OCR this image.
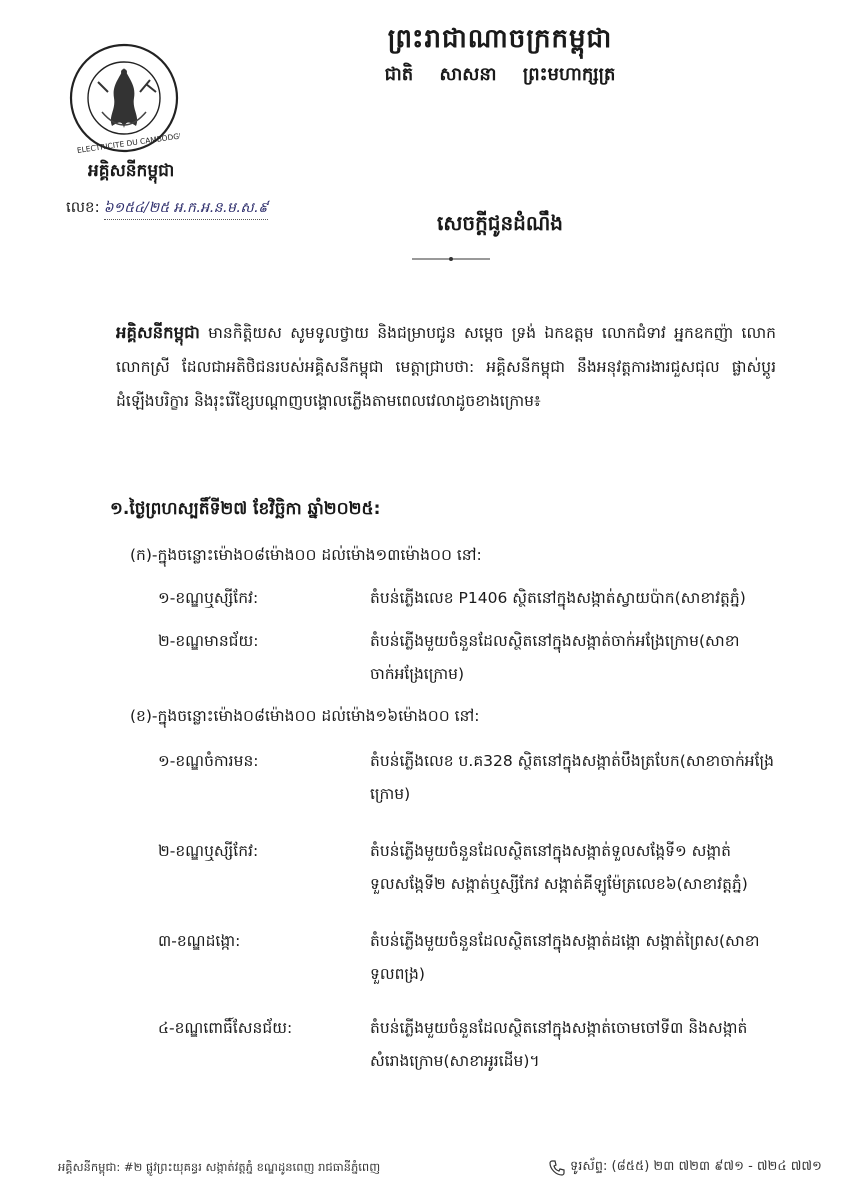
ELECTRICITE DU CAMBODGE
ព្រះរាជាណាចក្រកម្ពុជា
ជាតិ សាសនា ព្រះមហាក្សត្រ
អគ្គិសនីកម្ពុជា
លេខ: ៦១៥៤/២៥ អ.ក.អ.ន.ម.ស.៩
សេចក្ដីជូនដំណឹង
អគ្គិសនីកម្ពុជា មានកិត្តិយស សូមទូលថ្វាយ និងជម្រាបជូន សម្ដេច ទ្រង់ ឯកឧត្តម លោកជំទាវ អ្នកឧកញ៉ា លោក លោកស្រី ដែលជាអតិថិជនរបស់អគ្គិសនីកម្ពុជា មេត្តាជ្រាបថា: អគ្គិសនីកម្ពុជា នឹងអនុវត្តការងារជួសជុល ផ្លាស់ប្ដូរដំឡើងបរិក្ខារ និងរុះរើខ្សែបណ្ដាញបង្គោលភ្លើងតាមពេលវេលាដូចខាងក្រោម៖
១.ថ្ងៃព្រហស្បតិ៍ទី២៧ ខែវិច្ឆិកា ឆ្នាំ២០២៥:
(ក)-ក្នុងចន្លោះម៉ោង០៨ម៉ោង០០ ដល់ម៉ោង១៣ម៉ោង០០ នៅ:
១-ខណ្ឌឬស្សីកែវ:	តំបន់ភ្លើងលេខ P1406 ស្ថិតនៅក្នុងសង្កាត់ស្វាយប៉ាក(សាខាវត្តភ្នំ)
២-ខណ្ឌមានជ័យ:	តំបន់ភ្លើងមួយចំនួនដែលស្ថិតនៅក្នុងសង្កាត់ចាក់អង្រែក្រោម(សាខា
ចាក់អង្រែក្រោម)
(ខ)-ក្នុងចន្លោះម៉ោង០៨ម៉ោង០០ ដល់ម៉ោង១៦ម៉ោង០០ នៅ:
១-ខណ្ឌចំការមន:	តំបន់ភ្លើងលេខ ប.គ328 ស្ថិតនៅក្នុងសង្កាត់បឹងត្របែក(សាខាចាក់អង្រែ
ក្រោម)
២-ខណ្ឌឬស្សីកែវ:	តំបន់ភ្លើងមួយចំនួនដែលស្ថិតនៅក្នុងសង្កាត់ទួលសង្កែទី១ សង្កាត់
ទួលសង្កែទី២ សង្កាត់ឬស្សីកែវ សង្កាត់គីឡូម៉ែត្រលេខ៦(សាខាវត្តភ្នំ)
៣-ខណ្ឌដង្កោ:	តំបន់ភ្លើងមួយចំនួនដែលស្ថិតនៅក្នុងសង្កាត់ដង្កោ សង្កាត់ព្រៃស(សាខា
ទួលពង្រ)
៤-ខណ្ឌពោធិ៍សែនជ័យ:	តំបន់ភ្លើងមួយចំនួនដែលស្ថិតនៅក្នុងសង្កាត់ចោមចៅទី៣ និងសង្កាត់
សំរោងក្រោម(សាខាអូរដើម)។
អគ្គិសនីកម្ពុជា: #២ ផ្លូវព្រះយុគន្ធរ សង្កាត់វត្តភ្នំ ខណ្ឌដូនពេញ រាជធានីភ្នំពេញ	ទូរស័ព្ទ: (៨៥៥) ២៣ ៧២៣ ៩៧១ - ៧២៤ ៧៧១
